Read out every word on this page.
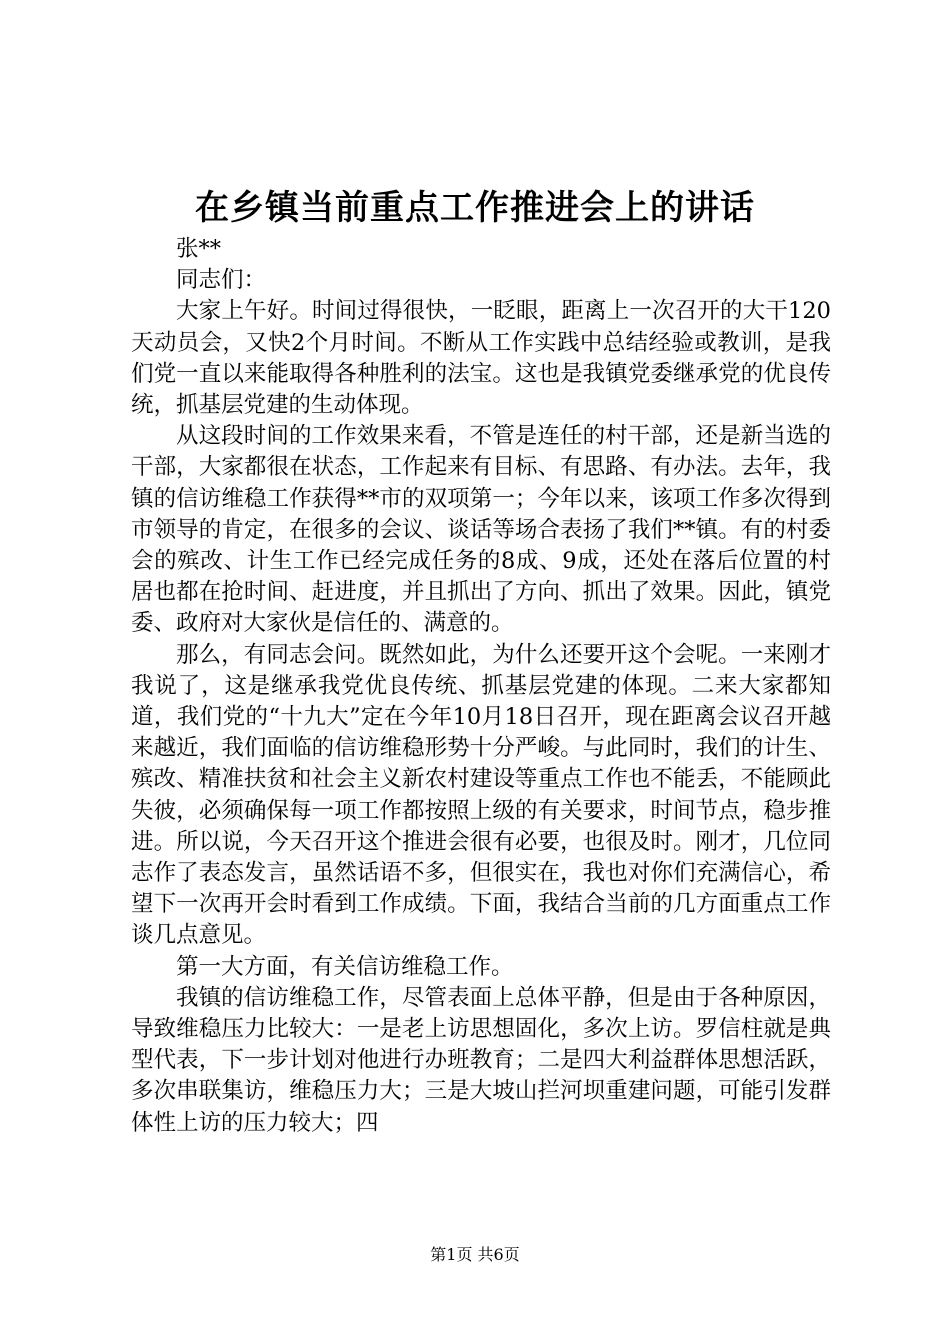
在乡镇当前重点工作推进会上的讲话

张**

同志们：

大家上午好。时间过得很快，一眨眼，距离上一次召开的大干120天动员会，又快2个月时间。不断从工作实践中总结经验或教训，是我们党一直以来能取得各种胜利的法宝。这也是我镇党委继承党的优良传统，抓基层党建的生动体现。

从这段时间的工作效果来看，不管是连任的村干部，还是新当选的干部，大家都很在状态，工作起来有目标、有思路、有办法。去年，我镇的信访维稳工作获得**市的双项第一；今年以来，该项工作多次得到市领导的肯定，在很多的会议、谈话等场合表扬了我们**镇。有的村委会的殡改、计生工作已经完成任务的8成、9成，还处在落后位置的村居也都在抢时间、赶进度，并且抓出了方向、抓出了效果。因此，镇党委、政府对大家伙是信任的、满意的。

那么，有同志会问。既然如此，为什么还要开这个会呢。一来刚才我说了，这是继承我党优良传统、抓基层党建的体现。二来大家都知道，我们党的“十九大”定在今年10月18日召开，现在距离会议召开越来越近，我们面临的信访维稳形势十分严峻。与此同时，我们的计生、殡改、精准扶贫和社会主义新农村建设等重点工作也不能丢，不能顾此失彼，必须确保每一项工作都按照上级的有关要求，时间节点，稳步推进。所以说，今天召开这个推进会很有必要，也很及时。刚才，几位同志作了表态发言，虽然话语不多，但很实在，我也对你们充满信心，希望下一次再开会时看到工作成绩。下面，我结合当前的几方面重点工作谈几点意见。

第一大方面，有关信访维稳工作。

我镇的信访维稳工作，尽管表面上总体平静，但是由于各种原因，导致维稳压力比较大：一是老上访思想固化，多次上访。罗信柱就是典型代表，下一步计划对他进行办班教育；二是四大利益群体思想活跃，多次串联集访，维稳压力大；三是大坡山拦河坝重建问题，可能引发群体性上访的压力较大；四

第1页 共6页
